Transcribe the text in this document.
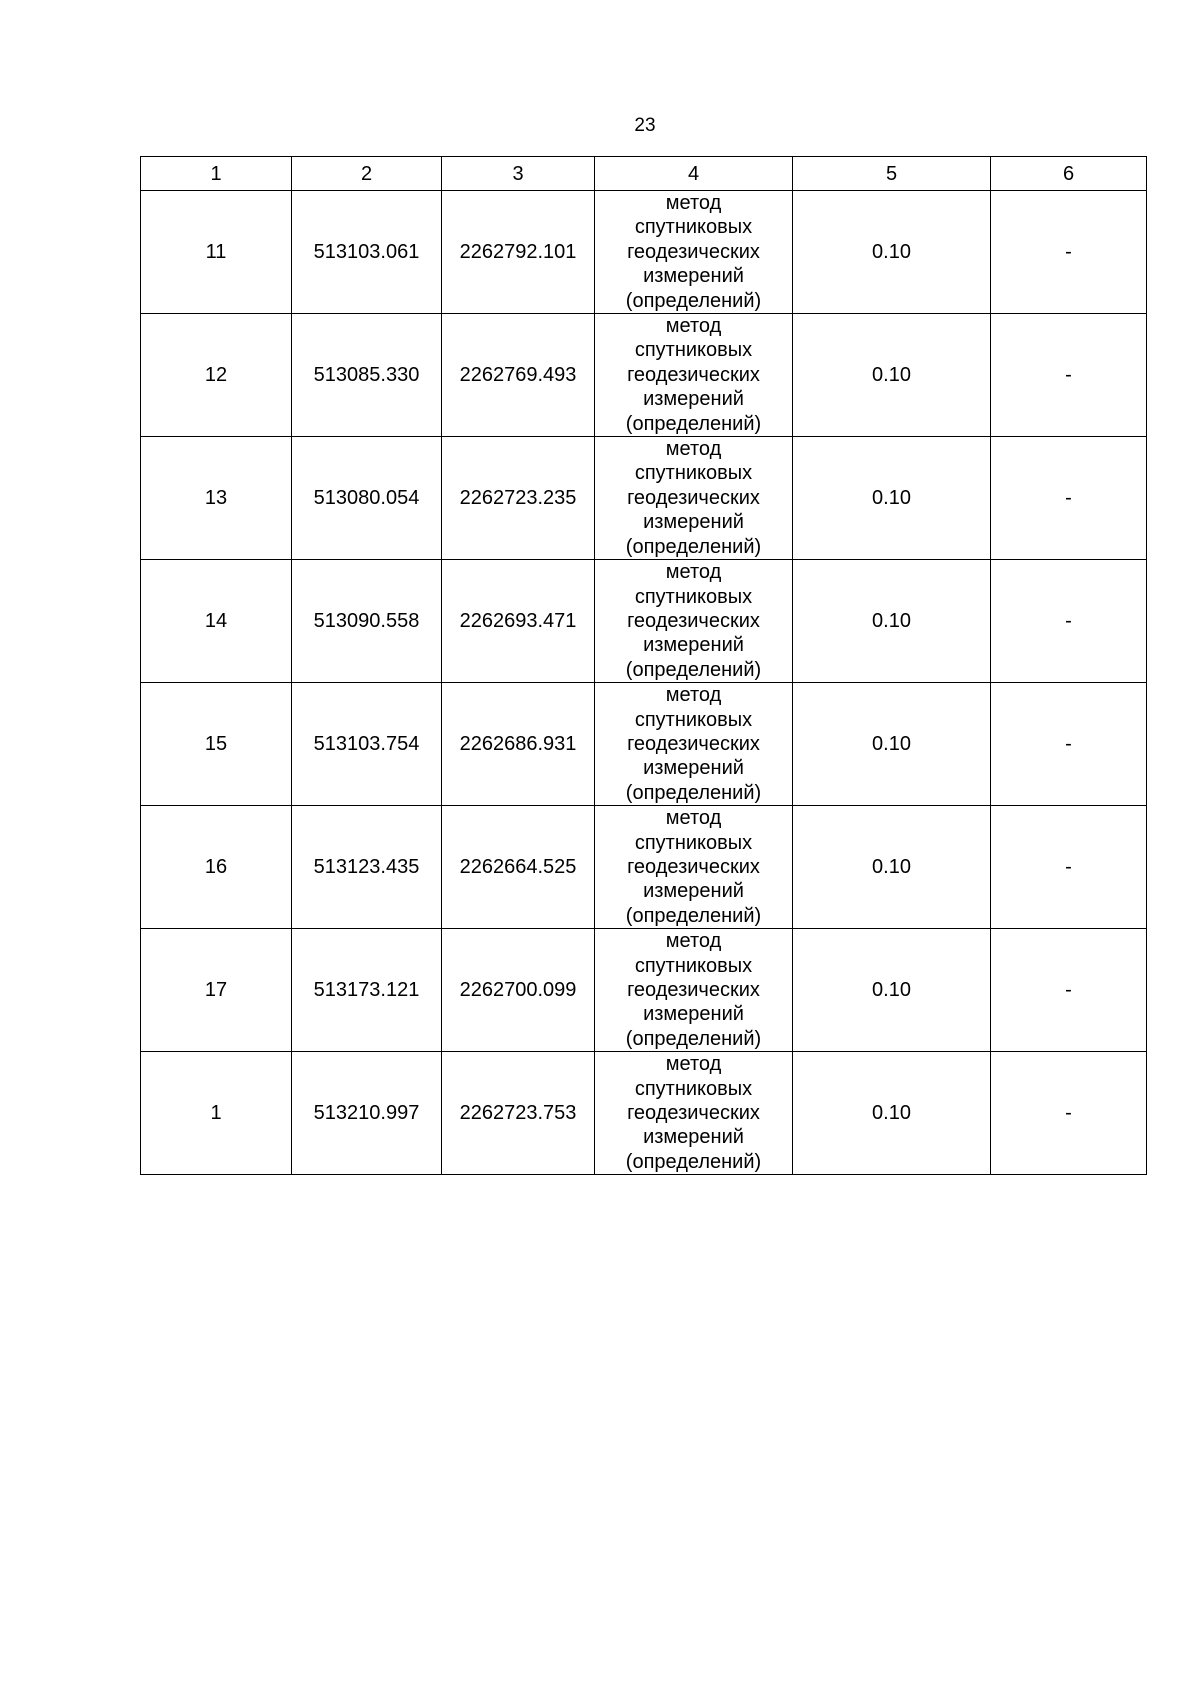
23
1	2	3	4	5	6
11	513103.061	2262792.101	метод спутниковых геодезических измерений (определений)	0.10	-
12	513085.330	2262769.493	метод спутниковых геодезических измерений (определений)	0.10	-
13	513080.054	2262723.235	метод спутниковых геодезических измерений (определений)	0.10	-
14	513090.558	2262693.471	метод спутниковых геодезических измерений (определений)	0.10	-
15	513103.754	2262686.931	метод спутниковых геодезических измерений (определений)	0.10	-
16	513123.435	2262664.525	метод спутниковых геодезических измерений (определений)	0.10	-
17	513173.121	2262700.099	метод спутниковых геодезических измерений (определений)	0.10	-
1	513210.997	2262723.753	метод спутниковых геодезических измерений (определений)	0.10	-
